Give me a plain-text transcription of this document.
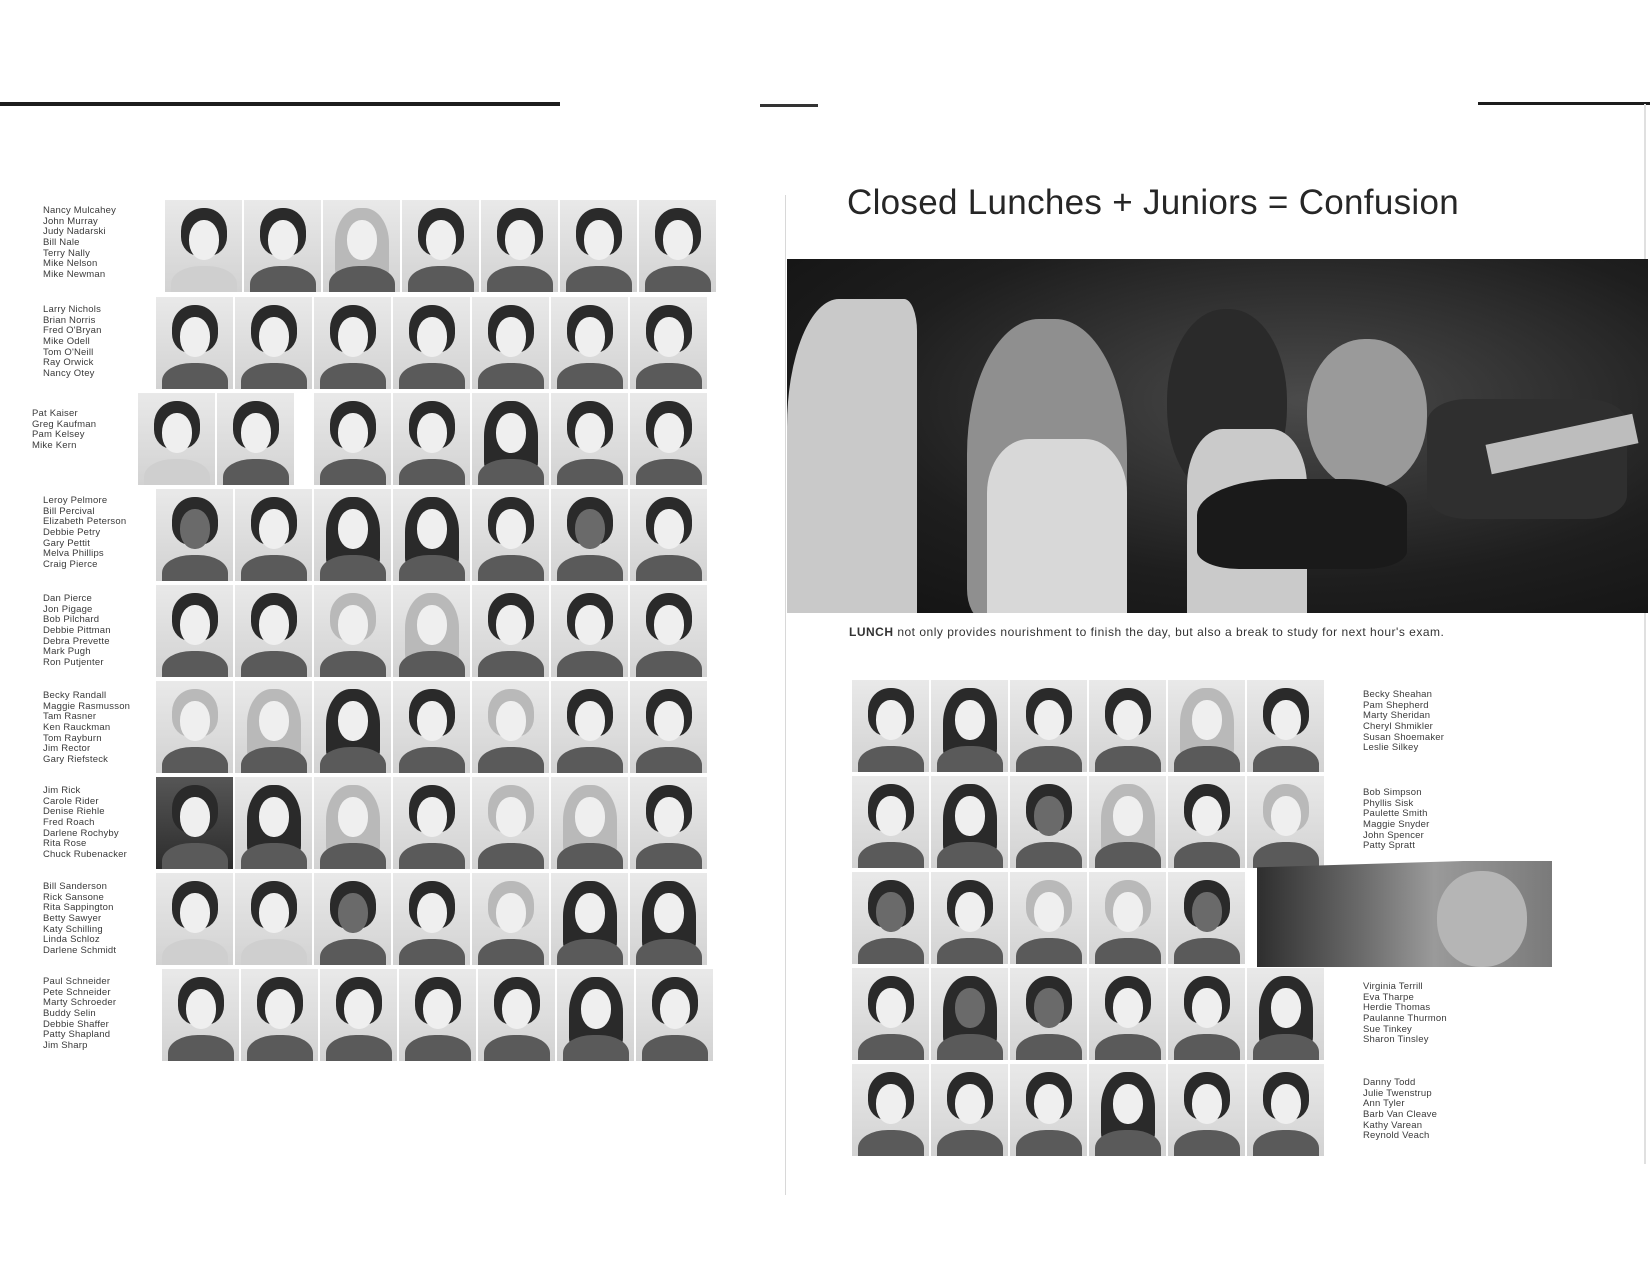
Nancy Mulcahey
John Murray
Judy Nadarski
Bill Nale
Terry Nally
Mike Nelson
Mike Newman
Larry Nichols
Brian Norris
Fred O'Bryan
Mike Odell
Tom O'Neill
Ray Orwick
Nancy Otey
Pat Kaiser
Greg Kaufman
Pam Kelsey
Mike Kern
Leroy Pelmore
Bill Percival
Elizabeth Peterson
Debbie Petry
Gary Pettit
Melva Phillips
Craig Pierce
Dan Pierce
Jon Pigage
Bob Pilchard
Debbie Pittman
Debra Prevette
Mark Pugh
Ron Putjenter
Becky Randall
Maggie Rasmusson
Tam Rasner
Ken Rauckman
Tom Rayburn
Jim Rector
Gary Riefsteck
Jim Rick
Carole Rider
Denise Riehle
Fred Roach
Darlene Rochyby
Rita Rose
Chuck Rubenacker
Bill Sanderson
Rick Sansone
Rita Sappington
Betty Sawyer
Katy Schilling
Linda Schloz
Darlene Schmidt
Paul Schneider
Pete Schneider
Marty Schroeder
Buddy Selin
Debbie Shaffer
Patty Shapland
Jim Sharp
Closed Lunches + Juniors = Confusion
LUNCH not only provides nourishment to finish the day, but also a break to study for next hour's exam.
Becky Sheahan
Pam Shepherd
Marty Sheridan
Cheryl Shmikler
Susan Shoemaker
Leslie Silkey
Bob Simpson
Phyllis Sisk
Paulette Smith
Maggie Snyder
John Spencer
Patty Spratt
Virginia Terrill
Eva Tharpe
Herdie Thomas
Paulanne Thurmon
Sue Tinkey
Sharon Tinsley
Danny Todd
Julie Twenstrup
Ann Tyler
Barb Van Cleave
Kathy Varean
Reynold Veach
